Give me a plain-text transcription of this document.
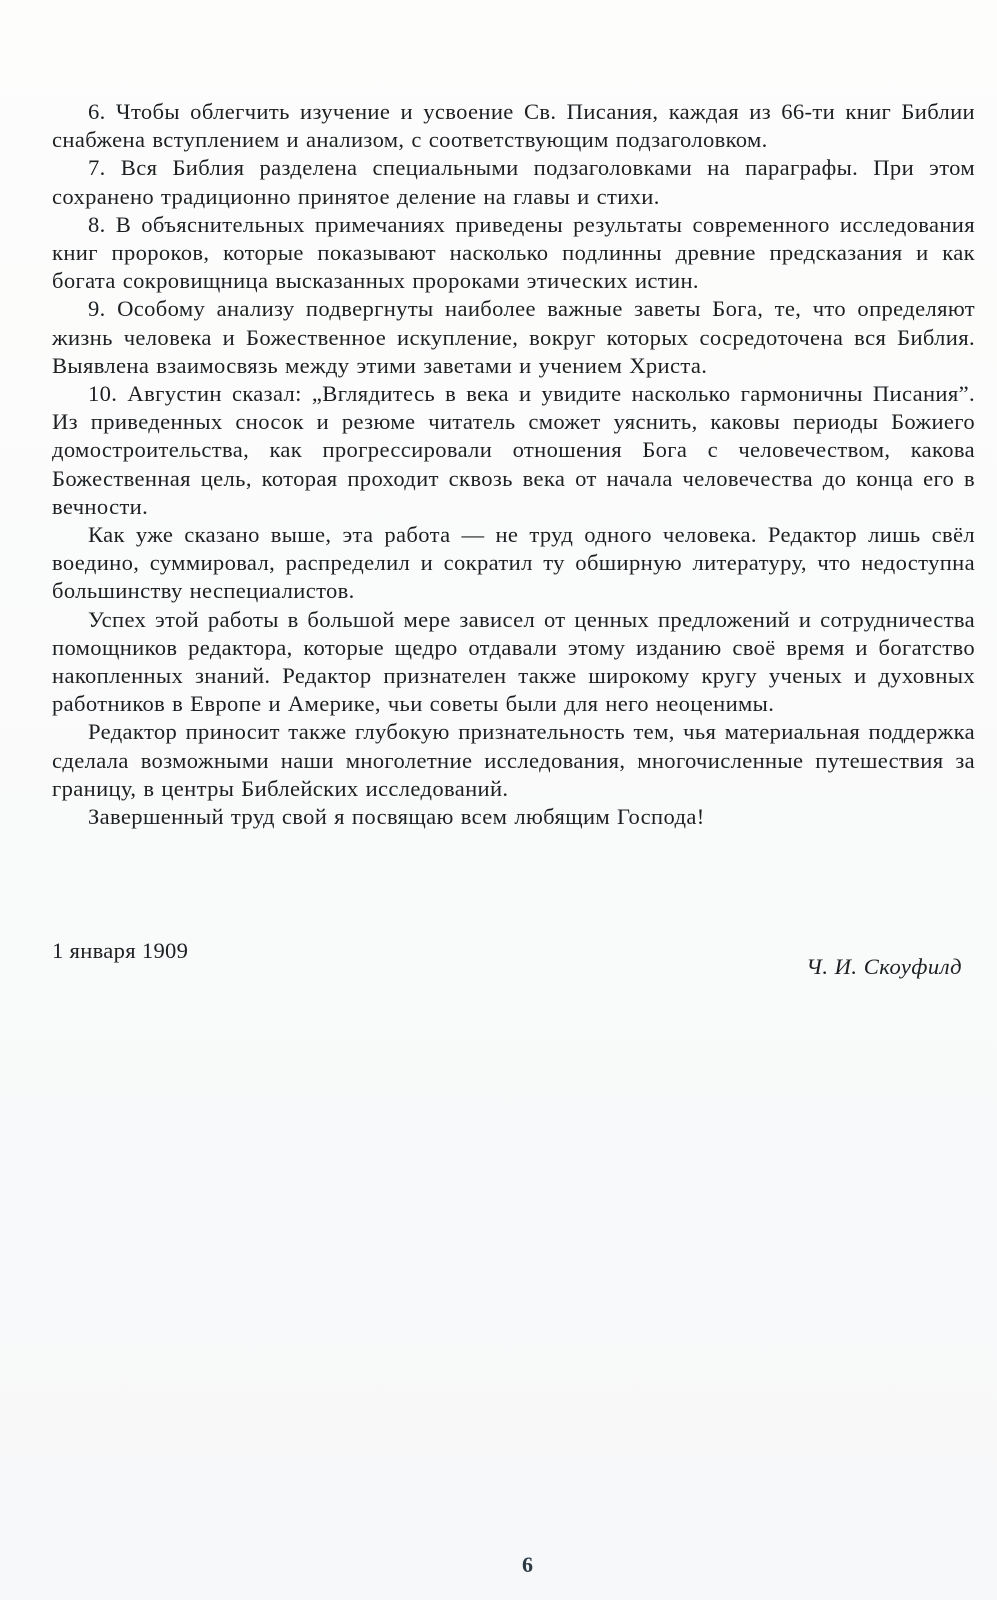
6. Чтобы облегчить изучение и усвоение Св. Писания, каждая из 66-ти книг Библии снабжена вступлением и анализом, с соответствующим подзаголовком.

7. Вся Библия разделена специальными подзаголовками на параграфы. При этом сохранено традиционно принятое деление на главы и стихи.

8. В объяснительных примечаниях приведены результаты современного исследования книг пророков, которые показывают насколько подлинны древние предсказания и как богата сокровищница высказанных пророками этических истин.

9. Особому анализу подвергнуты наиболее важные заветы Бога, те, что определяют жизнь человека и Божественное искупление, вокруг которых сосредоточена вся Библия. Выявлена взаимосвязь между этими заветами и учением Христа.

10. Августин сказал: „Вглядитесь в века и увидите насколько гармоничны Писания”. Из приведенных сносок и резюме читатель сможет уяснить, каковы периоды Божиего домостроительства, как прогрессировали отношения Бога с человечеством, какова Божественная цель, которая проходит сквозь века от начала человечества до конца его в вечности.

Как уже сказано выше, эта работа — не труд одного человека. Редактор лишь свёл воедино, суммировал, распределил и сократил ту обширную литературу, что недоступна большинству неспециалистов.

Успех этой работы в большой мере зависел от ценных предложений и сотрудничества помощников редактора, которые щедро отдавали этому изданию своё время и богатство накопленных знаний. Редактор признателен также широкому кругу ученых и духовных работников в Европе и Америке, чьи советы были для него неоценимы.

Редактор приносит также глубокую признательность тем, чья материальная поддержка сделала возможными наши многолетние исследования, многочисленные путешествия за границу, в центры Библейских исследований.

Завершенный труд свой я посвящаю всем любящим Господа!

1 января 1909
Ч. И. Скоуфилд
6
